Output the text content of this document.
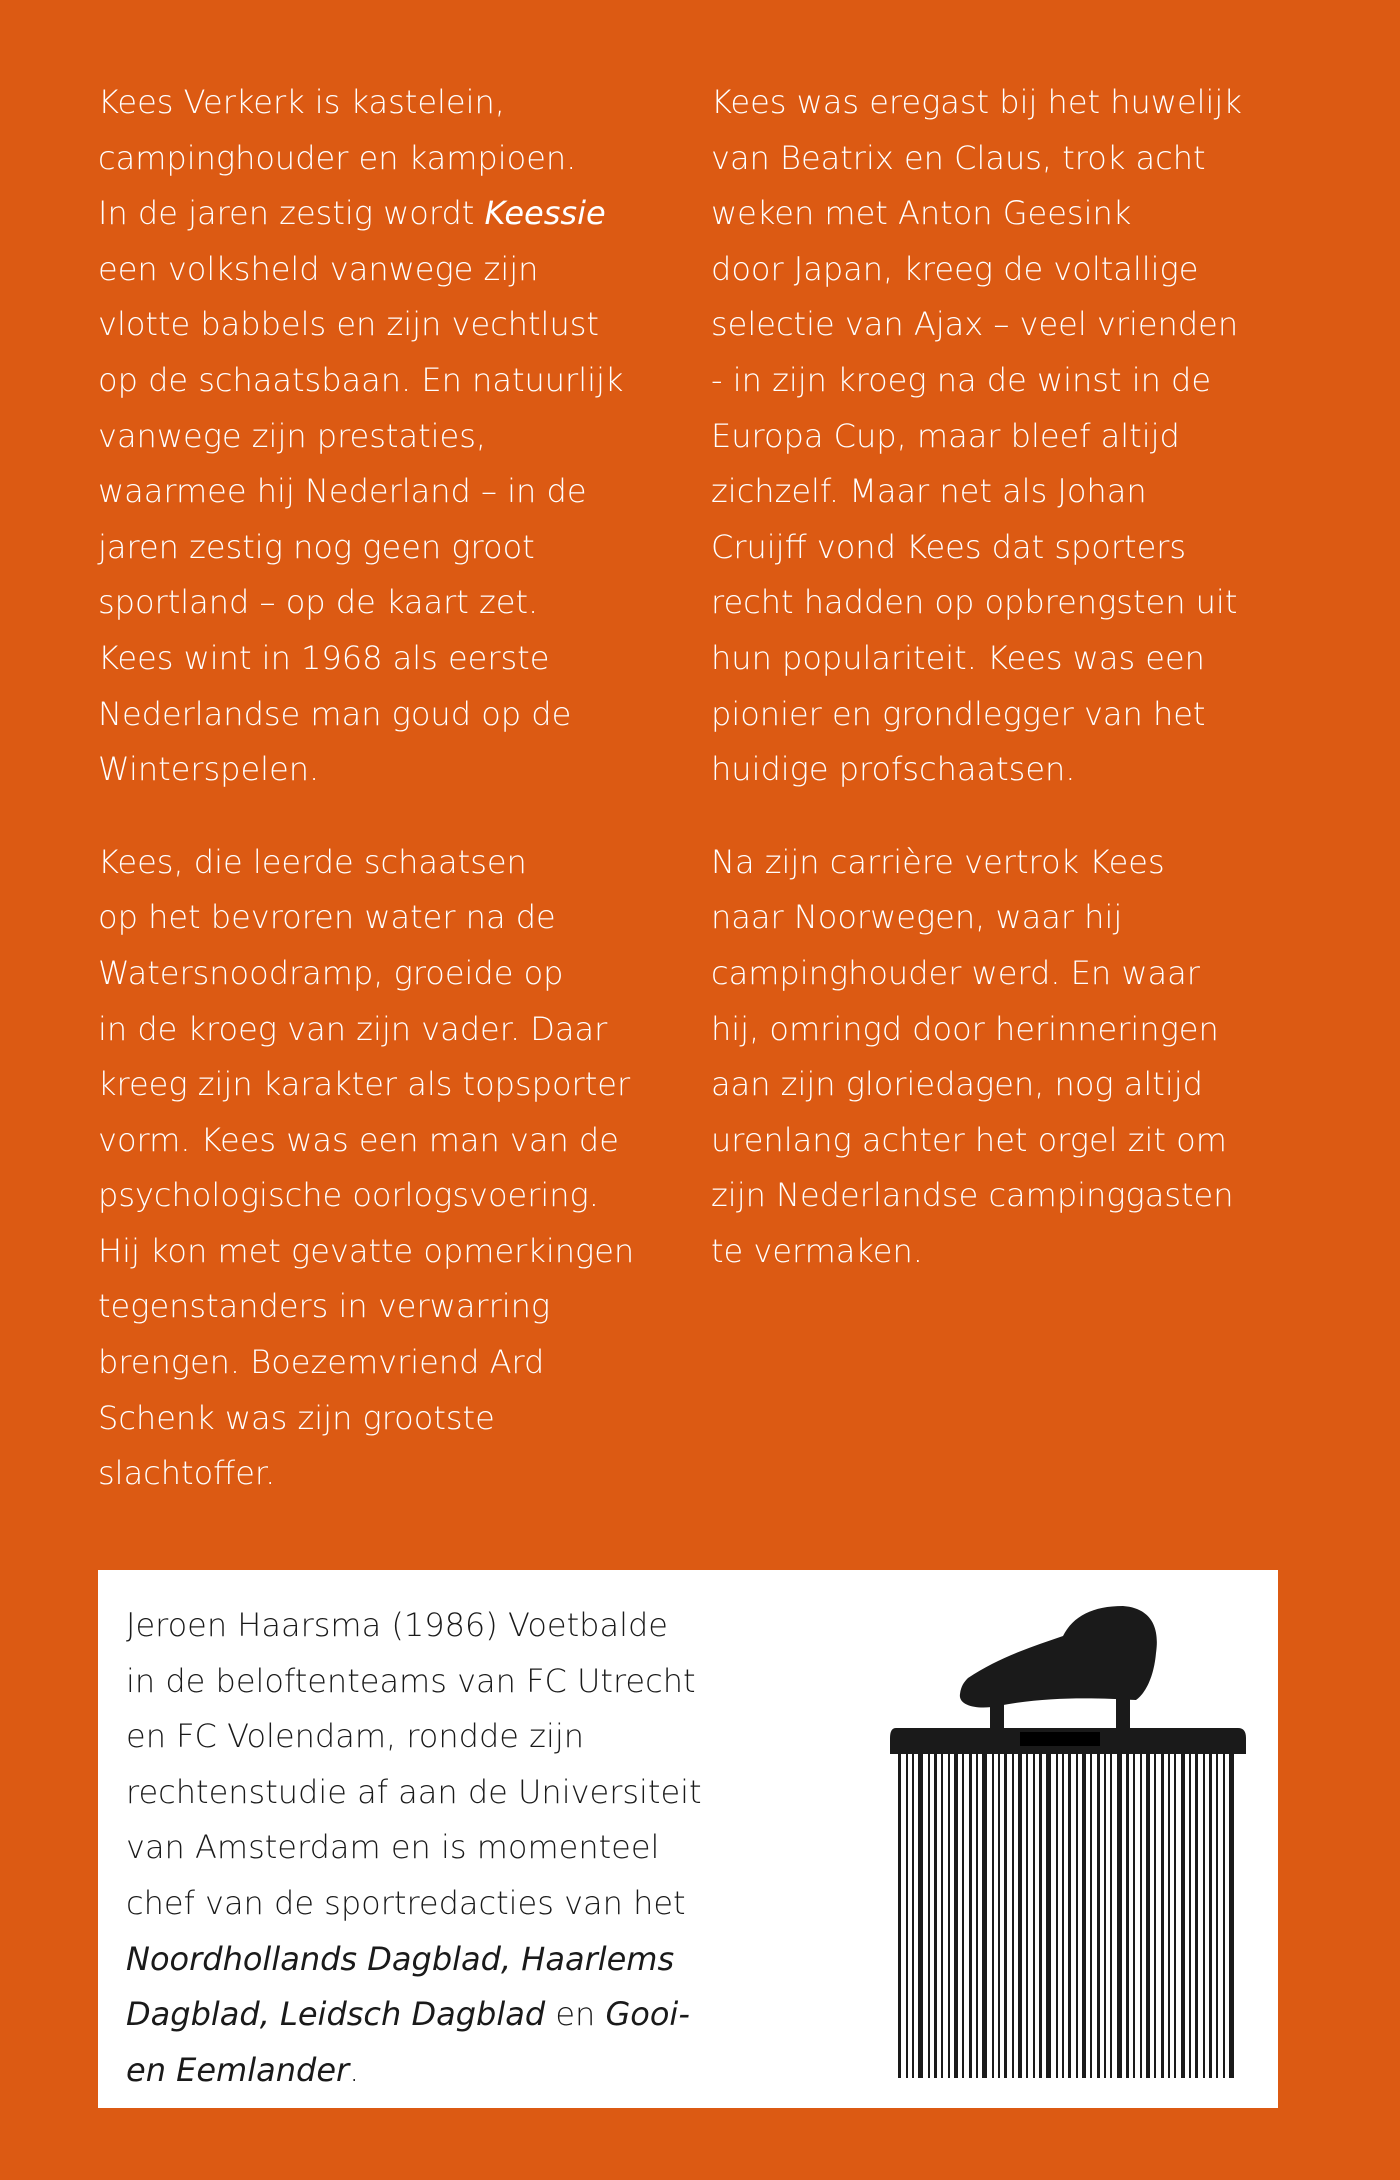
Kees Verkerk is kastelein,
campinghouder en kampioen.
In de jaren zestig wordt Keessie
een volksheld vanwege zijn
vlotte babbels en zijn vechtlust
op de schaatsbaan. En natuurlijk
vanwege zijn prestaties,
waarmee hij Nederland – in de
jaren zestig nog geen groot
sportland – op de kaart zet.
Kees wint in 1968 als eerste
Nederlandse man goud op de
Winterspelen.

Kees, die leerde schaatsen
op het bevroren water na de
Watersnoodramp, groeide op
in de kroeg van zijn vader. Daar
kreeg zijn karakter als topsporter
vorm. Kees was een man van de
psychologische oorlogsvoering.
Hij kon met gevatte opmerkingen
tegenstanders in verwarring
brengen. Boezemvriend Ard
Schenk was zijn grootste
slachtoffer.

Kees was eregast bij het huwelijk
van Beatrix en Claus, trok acht
weken met Anton Geesink
door Japan, kreeg de voltallige
selectie van Ajax – veel vrienden
- in zijn kroeg na de winst in de
Europa Cup, maar bleef altijd
zichzelf. Maar net als Johan
Cruijff vond Kees dat sporters
recht hadden op opbrengsten uit
hun populariteit. Kees was een
pionier en grondlegger van het
huidige profschaatsen.

Na zijn carrière vertrok Kees
naar Noorwegen, waar hij
campinghouder werd. En waar
hij, omringd door herinneringen
aan zijn gloriedagen, nog altijd
urenlang achter het orgel zit om
zijn Nederlandse campinggasten
te vermaken.

Jeroen Haarsma (1986) Voetbalde
in de beloftenteams van FC Utrecht
en FC Volendam, rondde zijn
rechtenstudie af aan de Universiteit
van Amsterdam en is momenteel
chef van de sportredacties van het
Noordhollands Dagblad, Haarlems
Dagblad, Leidsch Dagblad en Gooi-
en Eemlander.
